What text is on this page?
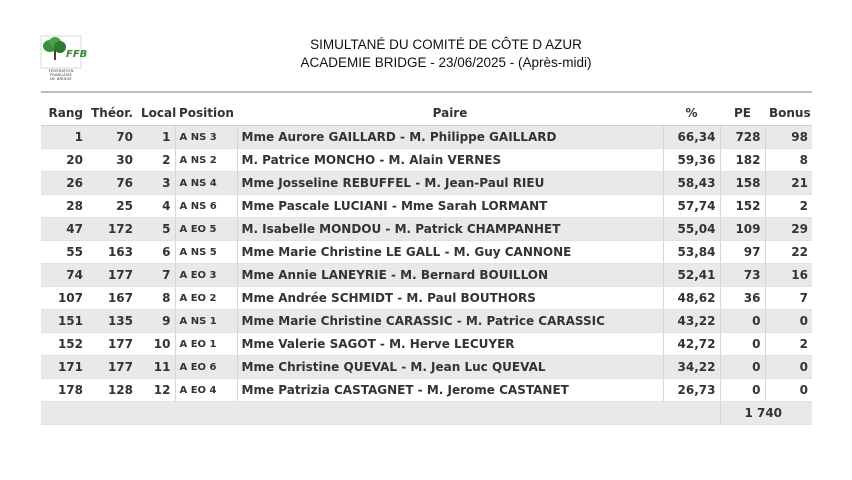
FFB
FÉDÉRATION
FRANÇAISE
DE BRIDGE
SIMULTANÉ DU COMITÉ DE CÔTE D AZUR
ACADEMIE BRIDGE - 23/06/2025 - (Après-midi)
Rang	Théor.	Local	Position	Paire	%	PE	Bonus
1	70	1	A NS 3	Mme Aurore GAILLARD - M. Philippe GAILLARD	66,34	728	98
20	30	2	A NS 2	M. Patrice MONCHO - M. Alain VERNES	59,36	182	8
26	76	3	A NS 4	Mme Josseline REBUFFEL - M. Jean-Paul RIEU	58,43	158	21
28	25	4	A NS 6	Mme Pascale LUCIANI - Mme Sarah LORMANT	57,74	152	2
47	172	5	A EO 5	M. Isabelle MONDOU - M. Patrick CHAMPANHET	55,04	109	29
55	163	6	A NS 5	Mme Marie Christine LE GALL - M. Guy CANNONE	53,84	97	22
74	177	7	A EO 3	Mme Annie LANEYRIE - M. Bernard BOUILLON	52,41	73	16
107	167	8	A EO 2	Mme Andrée SCHMIDT - M. Paul BOUTHORS	48,62	36	7
151	135	9	A NS 1	Mme Marie Christine CARASSIC - M. Patrice CARASSIC	43,22	0	0
152	177	10	A EO 1	Mme Valerie SAGOT - M. Herve LECUYER	42,72	0	2
171	177	11	A EO 6	Mme Christine QUEVAL - M. Jean Luc QUEVAL	34,22	0	0
178	128	12	A EO 4	Mme Patrizia CASTAGNET - M. Jerome CASTANET	26,73	0	0
						1 740	
